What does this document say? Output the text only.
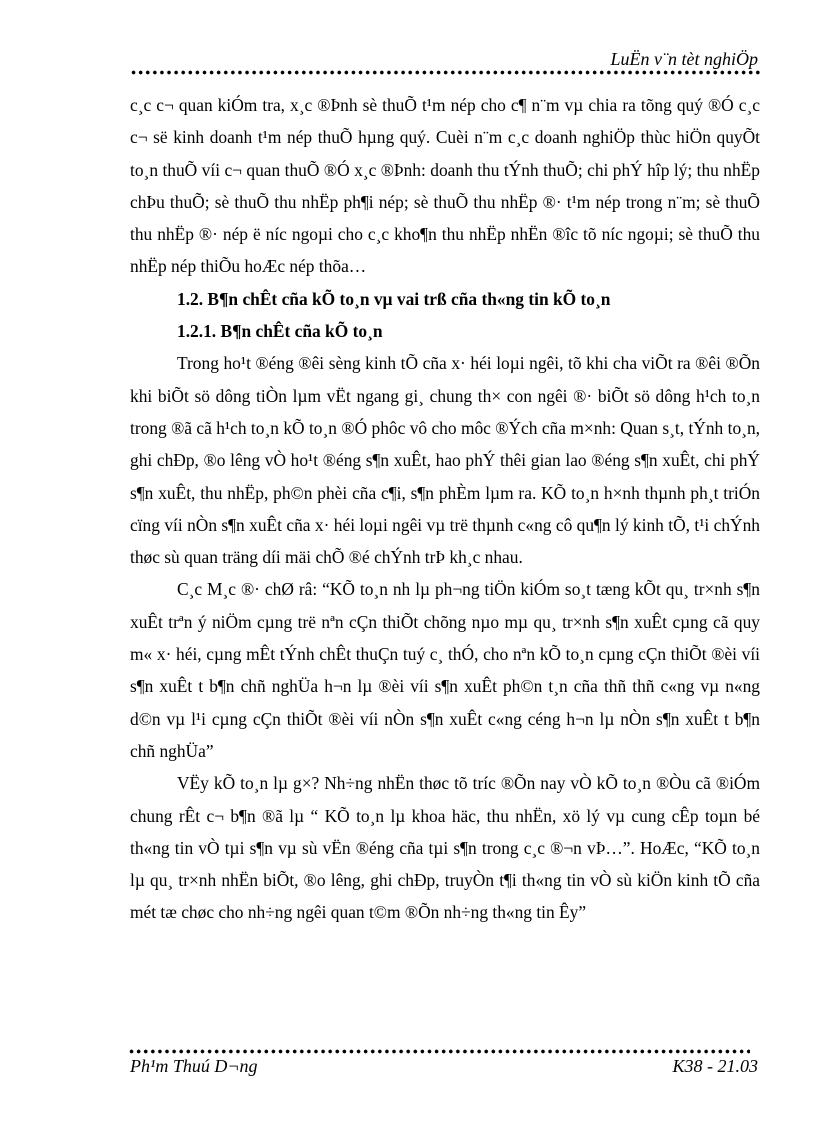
LuËn v¨n tèt nghiÖp

c¸c c¬ quan kiÓm tra, x¸c ®Þnh sè thuÕ t¹m nép cho c¶ n¨m vµ chia ra tõng quý ®Ó c¸c c¬ së kinh doanh t¹m nép thuÕ hµng quý. Cuèi n¨m c¸c doanh nghiÖp thùc hiÖn quyÕt to¸n thuÕ víi c¬ quan thuÕ ®Ó x¸c ®Þnh: doanh thu tÝnh thuÕ; chi phÝ hîp lý; thu nhËp chÞu thuÕ; sè thuÕ thu nhËp ph¶i nép; sè thuÕ thu nhËp ®· t¹m nép trong n¨m; sè thuÕ thu nhËp ®· nép ë níc ngoµi cho c¸c kho¶n thu nhËp nhËn ®îc tõ níc ngoµi; sè thuÕ thu nhËp nép thiÕu hoÆc nép thõa…

1.2. B¶n chÊt cña kÕ to¸n vµ vai trß cña th«ng tin kÕ to¸n

1.2.1. B¶n chÊt cña kÕ to¸n

Trong ho¹t ®éng ®êi sèng kinh tÕ cña x· héi loµi ngêi, tõ khi cha viÕt ra ®êi ®Õn khi biÕt sö dông tiÒn lµm vËt ngang gi¸ chung th× con ngêi ®· biÕt sö dông h¹ch to¸n trong ®ã cã h¹ch to¸n kÕ to¸n ®Ó phôc vô cho môc ®Ých cña m×nh: Quan s¸t, tÝnh to¸n, ghi chÐp, ®o lêng vÒ ho¹t ®éng s¶n xuÊt, hao phÝ thêi gian lao ®éng s¶n xuÊt, chi phÝ s¶n xuÊt, thu nhËp, ph©n phèi cña c¶i, s¶n phÈm lµm ra. KÕ to¸n h×nh thµnh ph¸t triÓn cïng víi nÒn s¶n xuÊt cña x· héi loµi ngêi vµ trë thµnh c«ng cô qu¶n lý kinh tÕ, t¹i chÝnh thøc sù quan träng díi mäi chÕ ®é chÝnh trÞ kh¸c nhau.

C¸c M¸c ®· chØ râ: “KÕ to¸n nh lµ ph¬ng tiÖn kiÓm so¸t tæng kÕt qu¸ tr×nh s¶n xuÊt trªn ý niÖm cµng trë nªn cÇn thiÕt chõng nµo mµ qu¸ tr×nh s¶n xuÊt cµng cã quy m« x· héi, cµng mÊt tÝnh chÊt thuÇn tuý c¸ thÓ, cho nªn kÕ to¸n cµng cÇn thiÕt ®èi víi s¶n xuÊt t b¶n chñ nghÜa h¬n lµ ®èi víi s¶n xuÊt ph©n t¸n cña thñ thñ c«ng vµ n«ng d©n vµ l¹i cµng cÇn thiÕt ®èi víi nÒn s¶n xuÊt c«ng céng h¬n lµ nÒn s¶n xuÊt t b¶n chñ nghÜa”

VËy kÕ to¸n lµ g×? Nh÷ng nhËn thøc tõ tríc ®Õn nay vÒ kÕ to¸n ®Òu cã ®iÓm chung rÊt c¬ b¶n ®ã lµ “ KÕ to¸n lµ khoa häc, thu nhËn, xö lý vµ cung cÊp toµn bé th«ng tin vÒ tµi s¶n vµ sù vËn ®éng cña tµi s¶n trong c¸c ®¬n vÞ…”. HoÆc, “KÕ to¸n lµ qu¸ tr×nh nhËn biÕt, ®o lêng, ghi chÐp, truyÒn t¶i th«ng tin vÒ sù kiÖn kinh tÕ cña mét tæ chøc cho nh÷ng ngêi quan t©m ®Õn nh÷ng th«ng tin Êy”

Ph¹m Thuú D¬ng	K38 - 21.03
